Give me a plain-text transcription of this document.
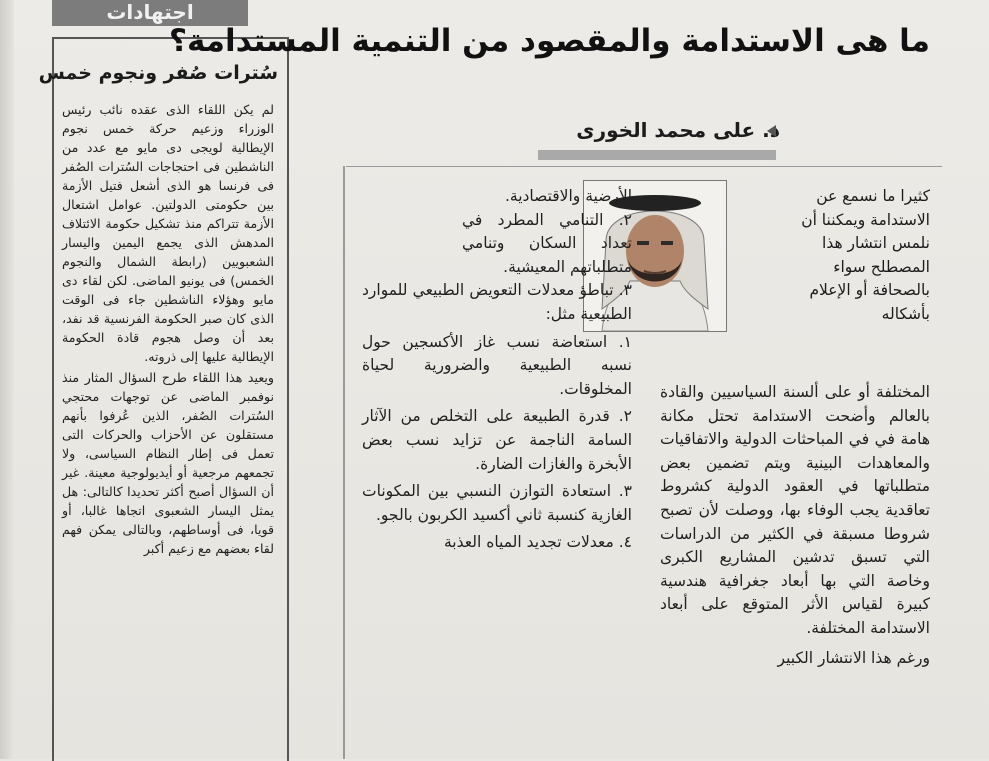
اجتهادات
سُترات صُفر ونجوم خمس

لم يكن اللقاء الذى عقده نائب رئيس الوزراء وزعيم حركة خمس نجوم الإيطالية لويجى دى مايو مع عدد من الناشطين فى احتجاجات السُترات الصُفر فى فرنسا هو الذى أشعل فتيل الأزمة بين حكومتى الدولتين. عوامل اشتعال الأزمة تتراكم منذ تشكيل حكومة الائتلاف المدهش الذى يجمع اليمين واليسار الشعبويين (رابطة الشمال والنجوم الخمس) فى يونيو الماضى. لكن لقاء دى مايو وهؤلاء الناشطين جاء فى الوقت الذى كان صبر الحكومة الفرنسية قد نفد، بعد أن وصل هجوم قادة الحكومة الإيطالية عليها إلى ذروته.

ويعيد هذا اللقاء طرح السؤال المثار منذ نوفمبر الماضى عن توجهات محتجي السُترات الصُفر، الذين عُرفوا بأنهم مستقلون عن الأحزاب والحركات التى تعمل فى إطار النظام السياسى، ولا تجمعهم مرجعية أو أيديولوجية معينة. غير أن السؤال أصبح أكثر تحديدا كالتالى: هل يمثل اليسار الشعبوى اتجاها غالبا، أو قويا، فى أوساطهم، وبالتالى يمكن فهم لقاء بعضهم مع زعيم أكبر

ما هى الاستدامة والمقصود من التنمية المستدامة؟
د. على محمد الخورى
كثيرا ما نسمع عن الاستدامة ويمكننا أن نلمس انتشار هذا المصطلح سواء بالصحافة أو الإعلام بأشكاله

المختلفة أو على ألسنة السياسيين والقادة بالعالم وأضحت الاستدامة تحتل مكانة هامة في في المباحثات الدولية والاتفاقيات والمعاهدات البينية ويتم تضمين بعض متطلباتها في العقود الدولية كشروط تعاقدية يجب الوفاء بها، ووصلت لأن تصبح شروطا مسبقة في الكثير من الدراسات التي تسبق تدشين المشاريع الكبرى وخاصة التي بها أبعاد جغرافية هندسية كبيرة لقياس الأثر المتوقع على أبعاد الاستدامة المختلفة.

ورغم هذا الانتشار الكبير

الأرضية والاقتصادية.

٢. التنامي المطرد في تعداد السكان وتنامي متطلباتهم المعيشية.

٣. تباطؤ معدلات التعويض الطبيعي للموارد الطبيعية مثل:

١. استعاضة نسب غاز الأكسجين حول نسبه الطبيعية والضرورية لحياة المخلوقات.

٢. قدرة الطبيعة على التخلص من الآثار السامة الناجمة عن تزايد نسب بعض الأبخرة والغازات الضارة.

٣. استعادة التوازن النسبي بين المكونات الغازية كنسبة ثاني أكسيد الكربون بالجو.

٤. معدلات تجديد المياه العذبة
